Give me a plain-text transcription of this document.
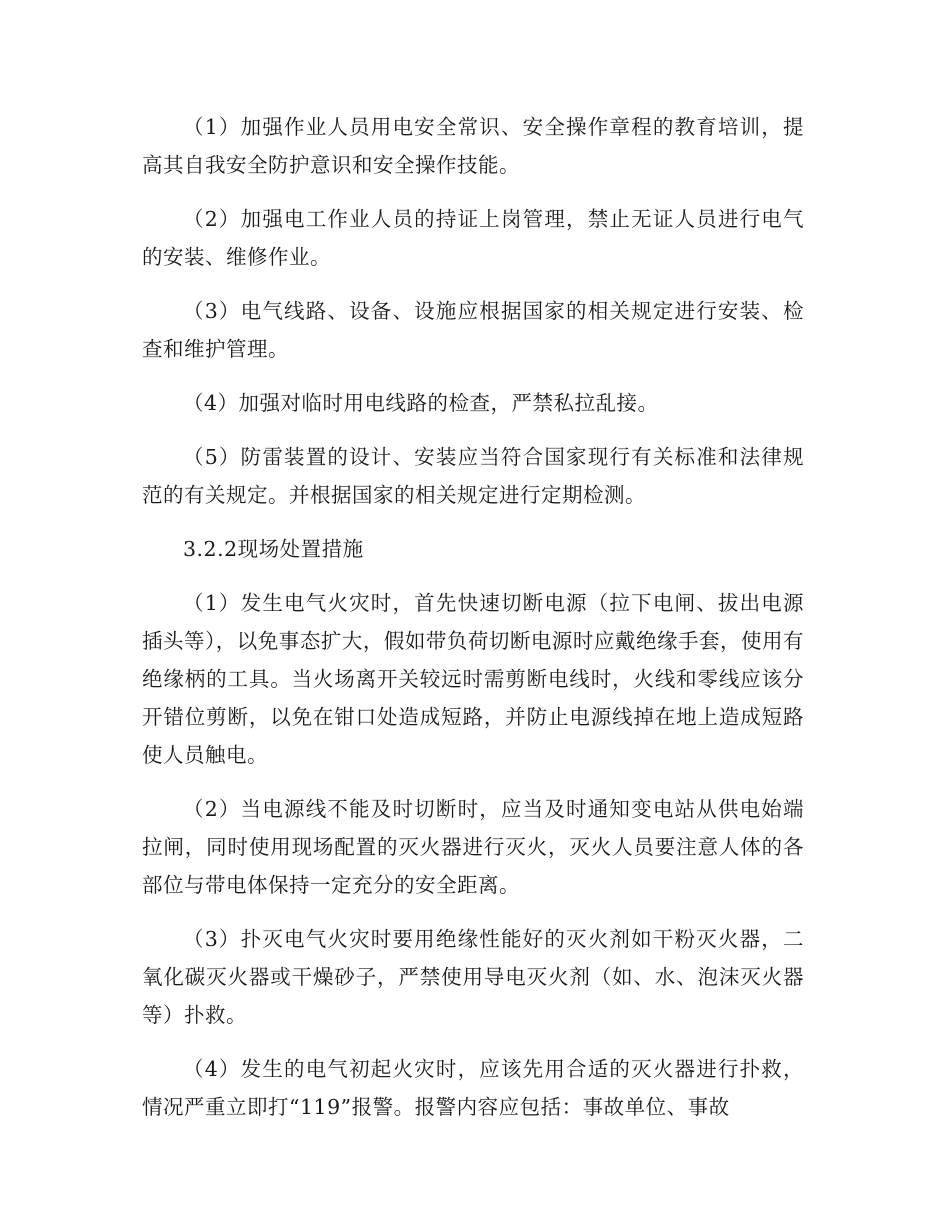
（1）加强作业人员用电安全常识、安全操作章程的教育培训，提高其自我安全防护意识和安全操作技能。

（2）加强电工作业人员的持证上岗管理，禁止无证人员进行电气的安装、维修作业。

（3）电气线路、设备、设施应根据国家的相关规定进行安装、检查和维护管理。

（4）加强对临时用电线路的检查，严禁私拉乱接。

（5）防雷装置的设计、安装应当符合国家现行有关标准和法律规范的有关规定。并根据国家的相关规定进行定期检测。

3.2.2现场处置措施

（1）发生电气火灾时，首先快速切断电源（拉下电闸、拔出电源插头等），以免事态扩大，假如带负荷切断电源时应戴绝缘手套，使用有绝缘柄的工具。当火场离开关较远时需剪断电线时，火线和零线应该分开错位剪断，以免在钳口处造成短路，并防止电源线掉在地上造成短路使人员触电。

（2）当电源线不能及时切断时，应当及时通知变电站从供电始端拉闸，同时使用现场配置的灭火器进行灭火，灭火人员要注意人体的各部位与带电体保持一定充分的安全距离。

（3）扑灭电气火灾时要用绝缘性能好的灭火剂如干粉灭火器，二氧化碳灭火器或干燥砂子，严禁使用导电灭火剂（如、水、泡沫灭火器等）扑救。

（4）发生的电气初起火灾时，应该先用合适的灭火器进行扑救，情况严重立即打“119”报警。报警内容应包括：事故单位、事故
